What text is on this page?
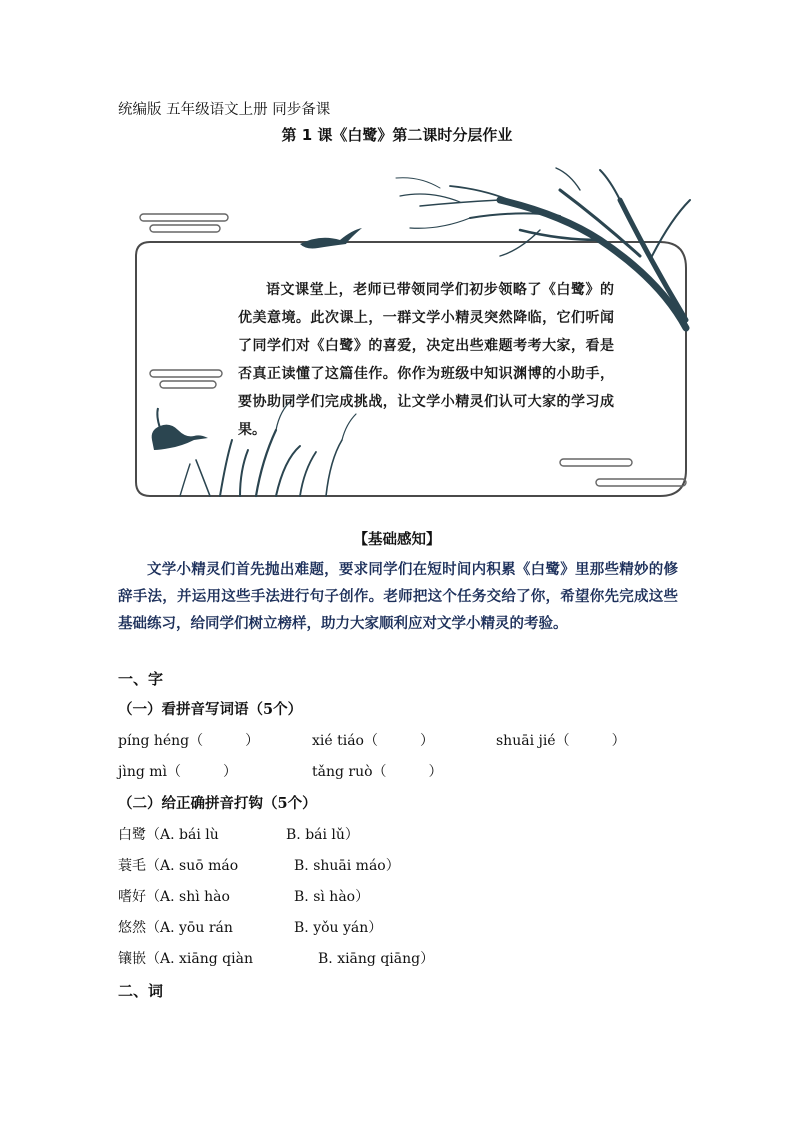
统编版 五年级语文上册 同步备课
第 1 课《白鹭》第二课时分层作业
语文课堂上，老师已带领同学们初步领略了《白鹭》的优美意境。此次课上，一群文学小精灵突然降临，它们听闻了同学们对《白鹭》的喜爱，决定出些难题考考大家，看是否真正读懂了这篇佳作。你作为班级中知识渊博的小助手，要协助同学们完成挑战，让文学小精灵们认可大家的学习成果。
【基础感知】
文学小精灵们首先抛出难题，要求同学们在短时间内积累《白鹭》里那些精妙的修辞手法，并运用这些手法进行句子创作。老师把这个任务交给了你，希望你先完成这些基础练习，给同学们树立榜样，助力大家顺利应对文学小精灵的考验。
一、字
（一）看拼音写词语（5个）
píng héng（　　　）	xié tiáo（　　　）	shuāi jié（　　　）
jìng mì（　　　）	tǎng ruò（　　　）
（二）给正确拼音打钩（5个）
白鹭（A. bái lù	B. bái lǔ）
蓑毛（A. suō máo	B. shuāi máo）
嗜好（A. shì hào	B. sì hào）
悠然（A. yōu rán	B. yǒu yán）
镶嵌（A. xiāng qiàn	B. xiāng qiāng）
二、词
